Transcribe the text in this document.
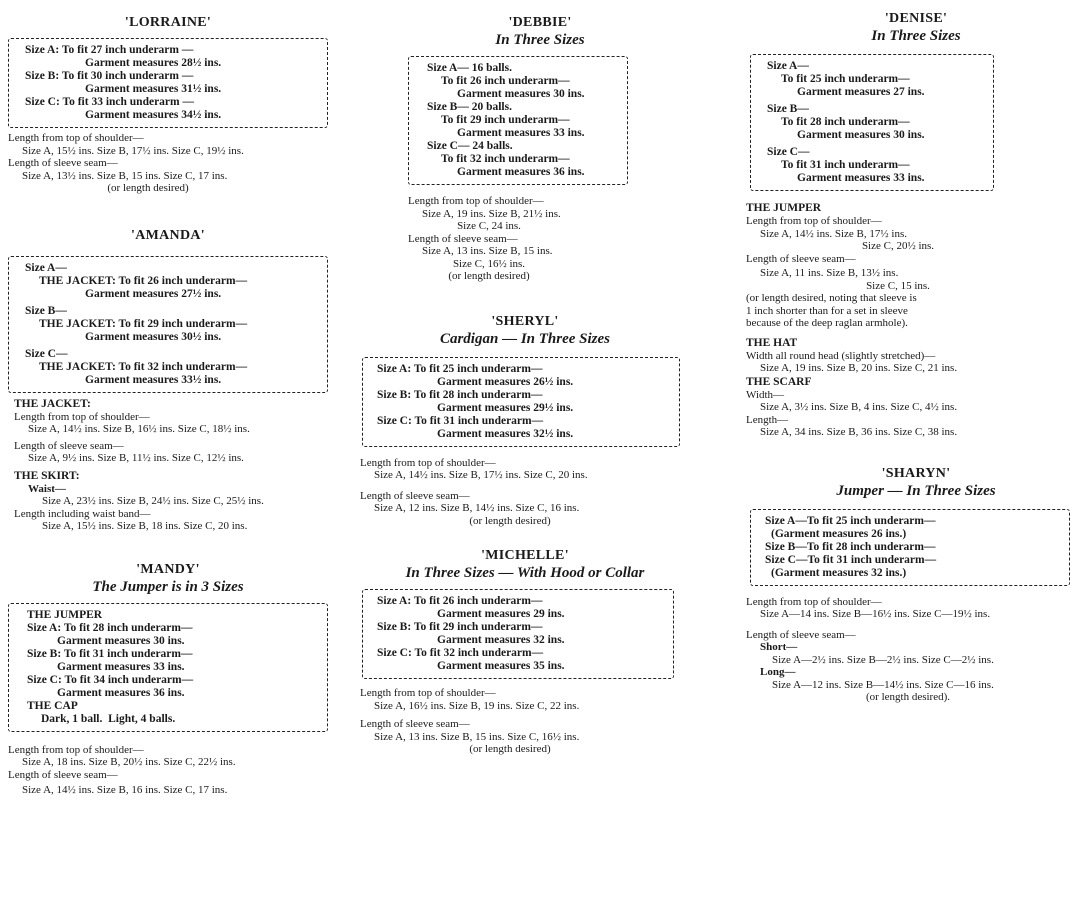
'LORRAINE'
Size A: To fit 27 inch underarm —
Garment measures 28½ ins.
Size B: To fit 30 inch underarm —
Garment measures 31½ ins.
Size C: To fit 33 inch underarm —
Garment measures 34½ ins.
Length from top of shoulder—
Size A, 15½ ins. Size B, 17½ ins. Size C, 19½ ins.
Length of sleeve seam—
Size A, 13½ ins. Size B, 15 ins. Size C, 17 ins.
(or length desired)
'AMANDA'
Size A—
THE JACKET: To fit 26 inch underarm—
Garment measures 27½ ins.
Size B—
THE JACKET: To fit 29 inch underarm—
Garment measures 30½ ins.
Size C—
THE JACKET: To fit 32 inch underarm—
Garment measures 33½ ins.
THE JACKET:
Length from top of shoulder—
Size A, 14½ ins. Size B, 16½ ins. Size C, 18½ ins.
Length of sleeve seam—
Size A, 9½ ins. Size B, 11½ ins. Size C, 12½ ins.
THE SKIRT:
Waist—
Size A, 23½ ins. Size B, 24½ ins. Size C, 25½ ins.
Length including waist band—
Size A, 15½ ins. Size B, 18 ins. Size C, 20 ins.
'MANDY'
The Jumper is in 3 Sizes
THE JUMPER
Size A: To fit 28 inch underarm—
Garment measures 30 ins.
Size B: To fit 31 inch underarm—
Garment measures 33 ins.
Size C: To fit 34 inch underarm—
Garment measures 36 ins.
THE CAP
Dark, 1 ball.  Light, 4 balls.
Length from top of shoulder—
Size A, 18 ins. Size B, 20½ ins. Size C, 22½ ins.
Length of sleeve seam—
Size A, 14½ ins. Size B, 16 ins. Size C, 17 ins.
'DEBBIE'
In Three Sizes
Size A— 16 balls.
To fit 26 inch underarm—
Garment measures 30 ins.
Size B— 20 balls.
To fit 29 inch underarm—
Garment measures 33 ins.
Size C— 24 balls.
To fit 32 inch underarm—
Garment measures 36 ins.
Length from top of shoulder—
Size A, 19 ins. Size B, 21½ ins.
Size C, 24 ins.
Length of sleeve seam—
Size A, 13 ins. Size B, 15 ins.
Size C, 16½ ins.
(or length desired)
'SHERYL'
Cardigan — In Three Sizes
Size A: To fit 25 inch underarm—
Garment measures 26½ ins.
Size B: To fit 28 inch underarm—
Garment measures 29½ ins.
Size C: To fit 31 inch underarm—
Garment measures 32½ ins.
Length from top of shoulder—
Size A, 14½ ins. Size B, 17½ ins. Size C, 20 ins.
Length of sleeve seam—
Size A, 12 ins. Size B, 14½ ins. Size C, 16 ins.
(or length desired)
'MICHELLE'
In Three Sizes — With Hood or Collar
Size A: To fit 26 inch underarm—
Garment measures 29 ins.
Size B: To fit 29 inch underarm—
Garment measures 32 ins.
Size C: To fit 32 inch underarm—
Garment measures 35 ins.
Length from top of shoulder—
Size A, 16½ ins. Size B, 19 ins. Size C, 22 ins.
Length of sleeve seam—
Size A, 13 ins. Size B, 15 ins. Size C, 16½ ins.
(or length desired)
'DENISE'
In Three Sizes
Size A—
To fit 25 inch underarm—
Garment measures 27 ins.
Size B—
To fit 28 inch underarm—
Garment measures 30 ins.
Size C—
To fit 31 inch underarm—
Garment measures 33 ins.
THE JUMPER
Length from top of shoulder—
Size A, 14½ ins. Size B, 17½ ins.
Size C, 20½ ins.
Length of sleeve seam—
Size A, 11 ins. Size B, 13½ ins.
Size C, 15 ins.
(or length desired, noting that sleeve is
1 inch shorter than for a set in sleeve
because of the deep raglan armhole).
THE HAT
Width all round head (slightly stretched)—
Size A, 19 ins. Size B, 20 ins. Size C, 21 ins.
THE SCARF
Width—
Size A, 3½ ins. Size B, 4 ins. Size C, 4½ ins.
Length—
Size A, 34 ins. Size B, 36 ins. Size C, 38 ins.
'SHARYN'
Jumper — In Three Sizes
Size A—To fit 25 inch underarm—
(Garment measures 26 ins.)
Size B—To fit 28 inch underarm—
Size C—To fit 31 inch underarm—
(Garment measures 32 ins.)
Length from top of shoulder—
Size A—14 ins. Size B—16½ ins. Size C—19½ ins.
Length of sleeve seam—
Short—
Size A—2½ ins. Size B—2½ ins. Size C—2½ ins.
Long—
Size A—12 ins. Size B—14½ ins. Size C—16 ins.
(or length desired).
